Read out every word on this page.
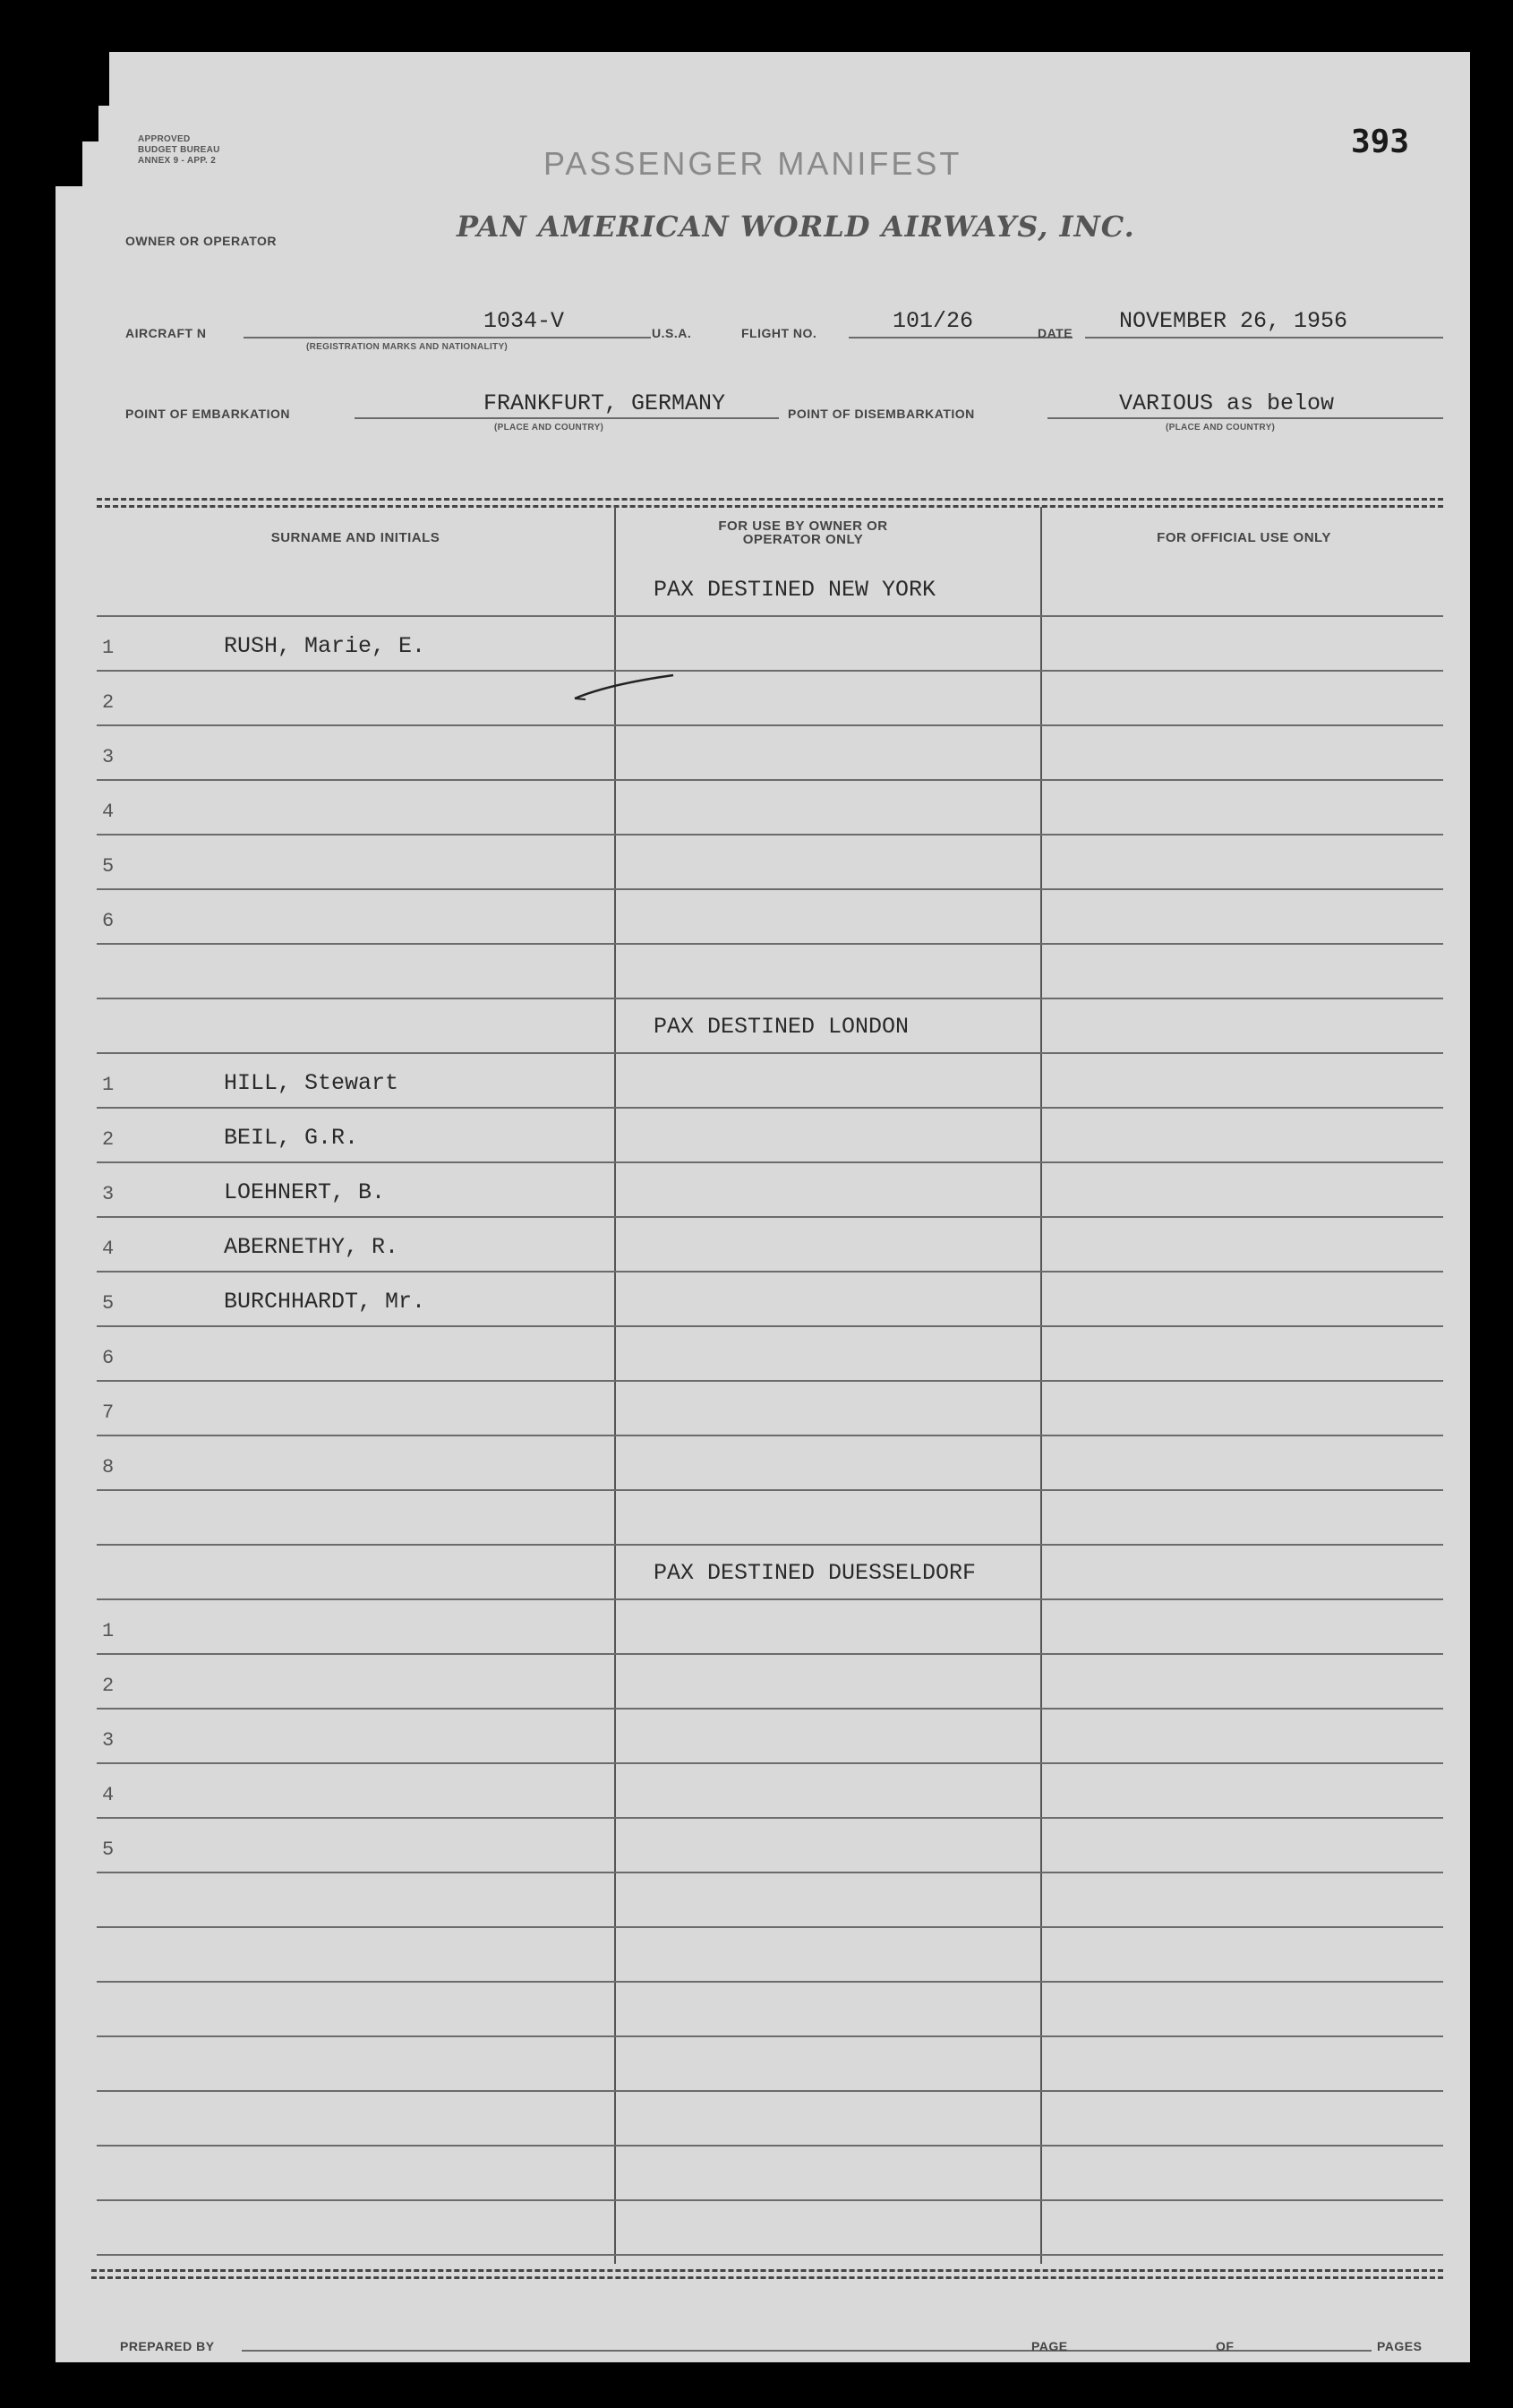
APPROVED
BUDGET BUREAU
ANNEX 9 - APP. 2
393
PASSENGER MANIFEST
OWNER OR OPERATOR	PAN AMERICAN WORLD AIRWAYS, INC.
AIRCRAFT N	1034-V
(REGISTRATION MARKS AND NATIONALITY)
U.S.A.	FLIGHT NO.	101/26	DATE NOVEMBER 26, 1956
POINT OF EMBARKATION	FRANKFURT, GERMANY
(PLACE AND COUNTRY)
POINT OF DISEMBARKATION	VARIOUS as below
(PLACE AND COUNTRY)
SURNAME AND INITIALS
FOR USE BY OWNER OR OPERATOR ONLY	FOR OFFICIAL USE ONLY
PAX DESTINED NEW YORK
1	RUSH, Marie, E.
2
3
4
5
6
PAX DESTINED LONDON
1	HILL, Stewart
2	BEIL, G.R.
3	LOEHNERT, B.
4	ABERNETHY, R.
5	BURCHHARDT, Mr.
6
7
8
PAX DESTINED DUESSELDORF
1
2
3
4
5
PREPARED BY	PAGE	OF	PAGES
